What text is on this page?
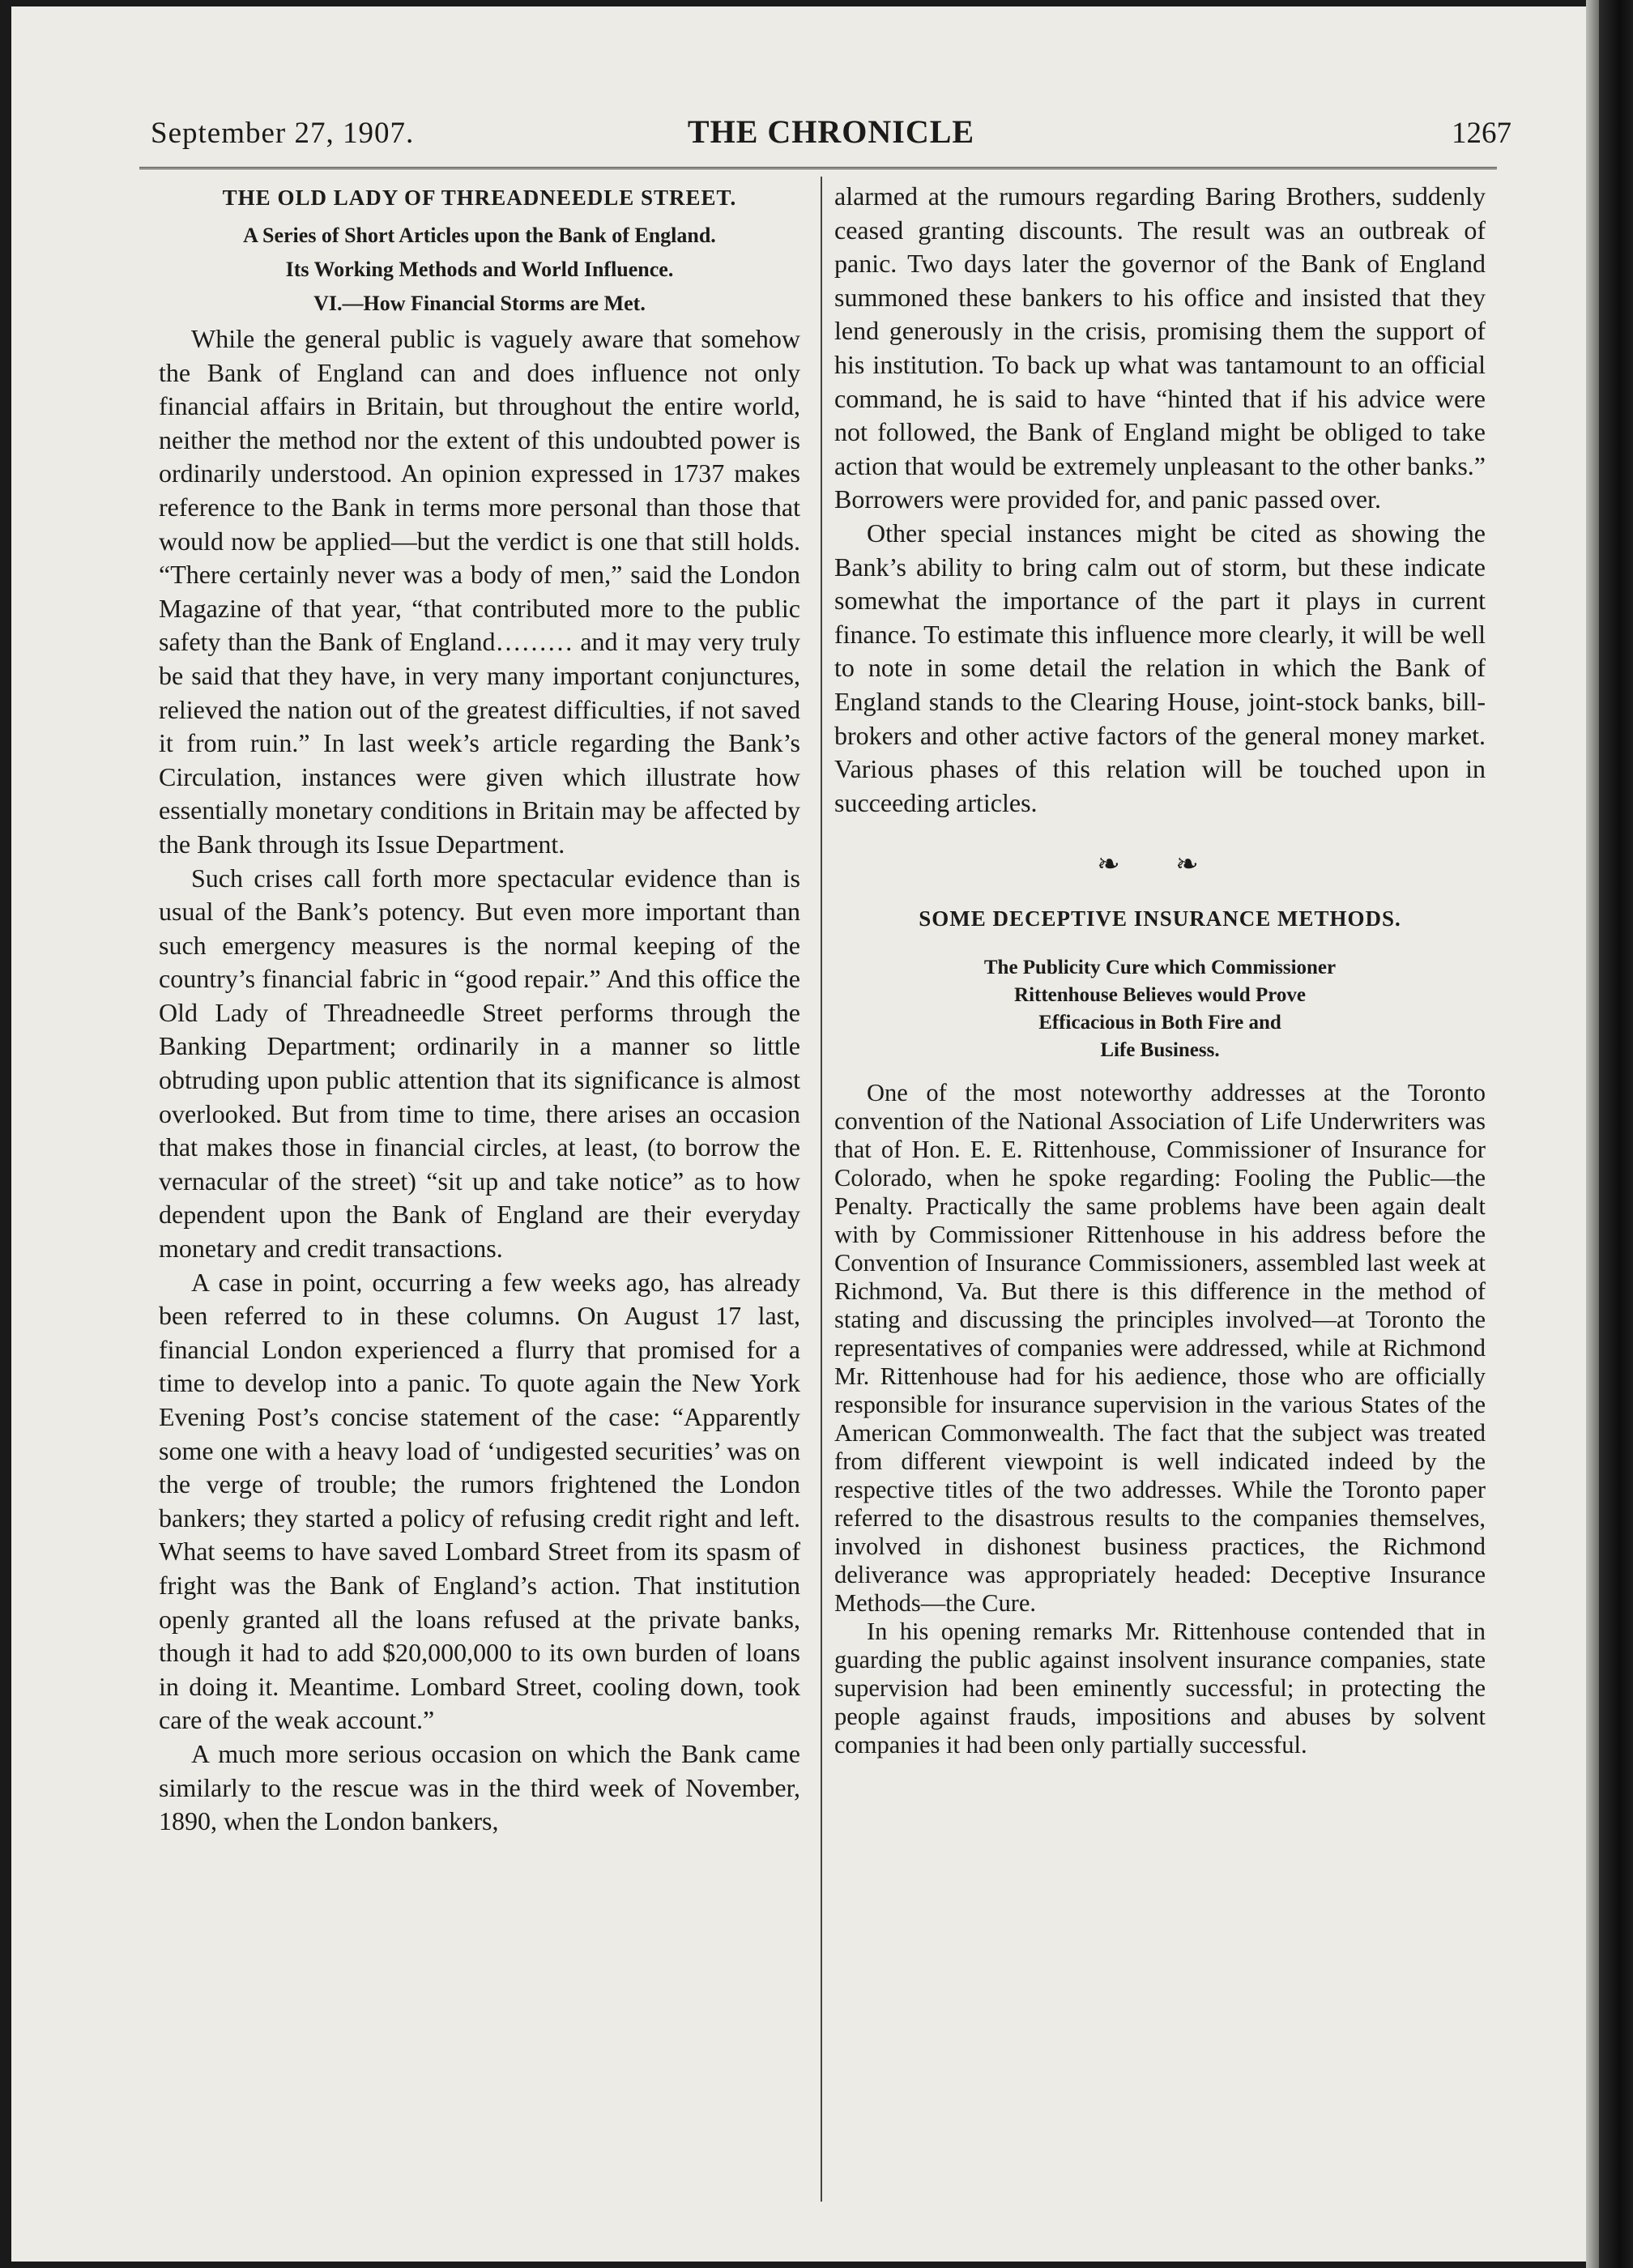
September 27, 1907.	THE CHRONICLE	1267
THE OLD LADY OF THREADNEEDLE STREET.
A Series of Short Articles upon the Bank of England.
Its Working Methods and World Influence.
VI.—How Financial Storms are Met.

While the general public is vaguely aware that somehow the Bank of England can and does influence not only financial affairs in Britain, but throughout the entire world, neither the method nor the extent of this undoubted power is ordinarily understood. An opinion expressed in 1737 makes reference to the Bank in terms more personal than those that would now be applied—but the verdict is one that still holds. “There certainly never was a body of men,” said the London Magazine of that year, “that contributed more to the public safety than the Bank of England……… and it may very truly be said that they have, in very many important conjunctures, relieved the nation out of the greatest difficulties, if not saved it from ruin.” In last week’s article regarding the Bank’s Circulation, instances were given which illustrate how essentially monetary conditions in Britain may be affected by the Bank through its Issue Department.

Such crises call forth more spectacular evidence than is usual of the Bank’s potency. But even more important than such emergency measures is the normal keeping of the country’s financial fabric in “good repair.” And this office the Old Lady of Threadneedle Street performs through the Banking Department; ordinarily in a manner so little obtruding upon public attention that its significance is almost overlooked. But from time to time, there arises an occasion that makes those in financial circles, at least, (to borrow the vernacular of the street) “sit up and take notice” as to how dependent upon the Bank of England are their everyday monetary and credit transactions.

A case in point, occurring a few weeks ago, has already been referred to in these columns. On August 17 last, financial London experienced a flurry that promised for a time to develop into a panic. To quote again the New York Evening Post’s concise statement of the case: “Apparently some one with a heavy load of ‘undigested securities’ was on the verge of trouble; the rumors frightened the London bankers; they started a policy of refusing credit right and left. What seems to have saved Lombard Street from its spasm of fright was the Bank of England’s action. That institution openly granted all the loans refused at the private banks, though it had to add $20,000,000 to its own burden of loans in doing it. Meantime. Lombard Street, cooling down, took care of the weak account.”

A much more serious occasion on which the Bank came similarly to the rescue was in the third week of November, 1890, when the London bankers,

alarmed at the rumours regarding Baring Brothers, suddenly ceased granting discounts. The result was an outbreak of panic. Two days later the governor of the Bank of England summoned these bankers to his office and insisted that they lend generously in the crisis, promising them the support of his institution. To back up what was tantamount to an official command, he is said to have “hinted that if his advice were not followed, the Bank of England might be obliged to take action that would be extremely unpleasant to the other banks.” Borrowers were provided for, and panic passed over.

Other special instances might be cited as showing the Bank’s ability to bring calm out of storm, but these indicate somewhat the importance of the part it plays in current finance. To estimate this influence more clearly, it will be well to note in some detail the relation in which the Bank of England stands to the Clearing House, joint-stock banks, bill-brokers and other active factors of the general money market. Various phases of this relation will be touched upon in succeeding articles.

❧ ❧
SOME DECEPTIVE INSURANCE METHODS.
The Publicity Cure which Commissioner
Rittenhouse Believes would Prove
Efficacious in Both Fire and
Life Business.

One of the most noteworthy addresses at the Toronto convention of the National Association of Life Underwriters was that of Hon. E. E. Rittenhouse, Commissioner of Insurance for Colorado, when he spoke regarding: Fooling the Public—the Penalty. Practically the same problems have been again dealt with by Commissioner Rittenhouse in his address before the Convention of Insurance Commissioners, assembled last week at Richmond, Va. But there is this difference in the method of stating and discussing the principles involved—at Toronto the representatives of companies were addressed, while at Richmond Mr. Rittenhouse had for his aedience, those who are officially responsible for insurance supervision in the various States of the American Commonwealth. The fact that the subject was treated from different viewpoint is well indicated indeed by the respective titles of the two addresses. While the Toronto paper referred to the disastrous results to the companies themselves, involved in dishonest business practices, the Richmond deliverance was appropriately headed: Deceptive Insurance Methods—the Cure.

In his opening remarks Mr. Rittenhouse contended that in guarding the public against insolvent insurance companies, state supervision had been eminently successful; in protecting the people against frauds, impositions and abuses by solvent companies it had been only partially successful.
